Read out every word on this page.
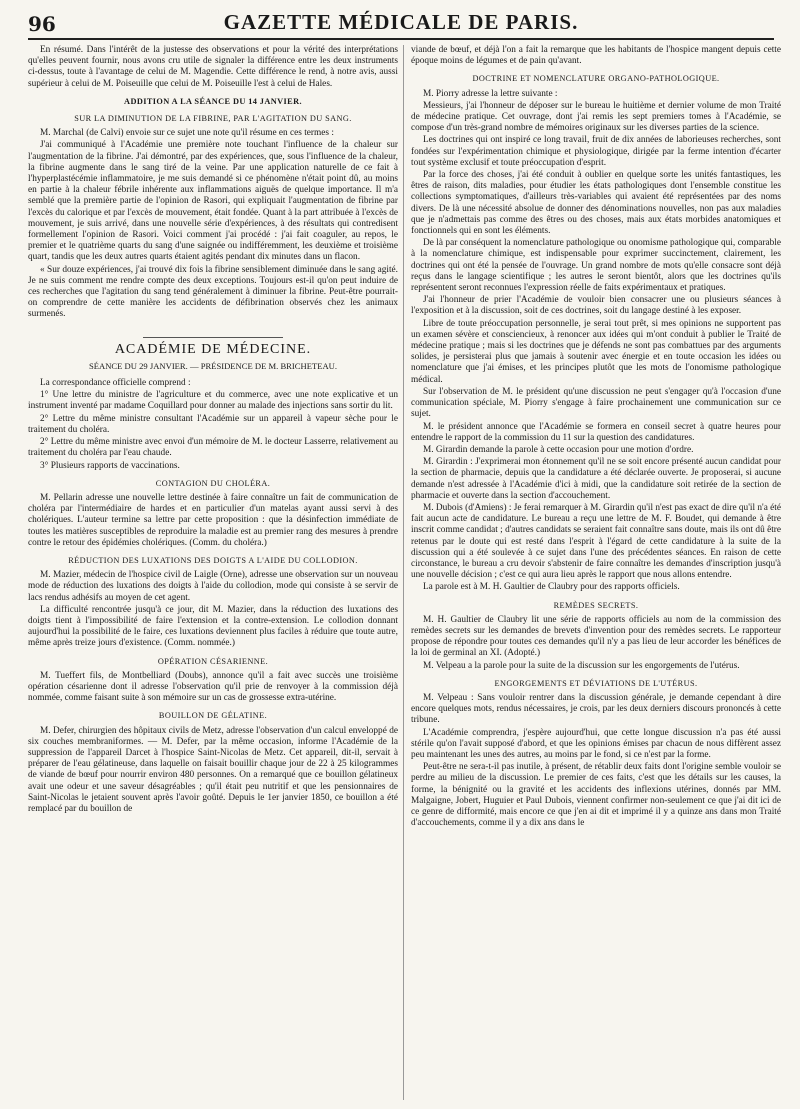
96	GAZETTE MÉDICALE DE PARIS.

En résumé. Dans l'intérêt de la justesse des observations et pour la vérité des interprétations qu'elles peuvent fournir, nous avons cru utile de signaler la différence entre les deux instruments ci-dessus, toute à l'avantage de celui de M. Magendie. Cette différence le rend, à notre avis, aussi supérieur à celui de M. Poiseuille que celui de M. Poiseuille l'est à celui de Hales.

ADDITION A LA SÉANCE DU 14 JANVIER.
SUR LA DIMINUTION DE LA FIBRINE, PAR L'AGITATION DU SANG.

M. Marchal (de Calvi) envoie sur ce sujet une note qu'il résume en ces termes :

J'ai communiqué à l'Académie une première note touchant l'influence de la chaleur sur l'augmentation de la fibrine. J'ai démontré, par des expériences, que, sous l'influence de la chaleur, la fibrine augmente dans le sang tiré de la veine. Par une application naturelle de ce fait à l'hyperplastécémie inflammatoire, je me suis demandé si ce phénomène n'était point dû, au moins en partie à la chaleur fébrile inhérente aux inflammations aiguës de quelque importance. Il m'a semblé que la première partie de l'opinion de Rasori, qui expliquait l'augmentation de fibrine par l'excès du calorique et par l'excès de mouvement, était fondée. Quant à la part attribuée à l'excès de mouvement, je suis arrivé, dans une nouvelle série d'expériences, à des résultats qui contredisent formellement l'opinion de Rasori. Voici comment j'ai procédé : j'ai fait coaguler, au repos, le premier et le quatrième quarts du sang d'une saignée ou indifféremment, les deuxième et troisième quart, tandis que les deux autres quarts étaient agités pendant dix minutes dans un flacon.

« Sur douze expériences, j'ai trouvé dix fois la fibrine sensiblement diminuée dans le sang agité. Je ne suis comment me rendre compte des deux exceptions. Toujours est-il qu'on peut induire de ces recherches que l'agitation du sang tend généralement à diminuer la fibrine. Peut-être pourrait-on comprendre de cette manière les accidents de défibrination observés chez les animaux surmenés.

ACADÉMIE DE MÉDECINE.
SÉANCE DU 29 JANVIER. — PRÉSIDENCE DE M. BRICHETEAU.

La correspondance officielle comprend :

1° Une lettre du ministre de l'agriculture et du commerce, avec une note explicative et un instrument inventé par madame Coquillard pour donner au malade des injections sans sortir du lit.

2° Lettre du même ministre consultant l'Académie sur un appareil à vapeur sèche pour le traitement du choléra.

2° Lettre du même ministre avec envoi d'un mémoire de M. le docteur Lasserre, relativement au traitement du choléra par l'eau chaude.

3° Plusieurs rapports de vaccinations.

CONTAGION DU CHOLÉRA.

M. Pellarin adresse une nouvelle lettre destinée à faire connaître un fait de communication de choléra par l'intermédiaire de hardes et en particulier d'un matelas ayant aussi servi à des cholériques. L'auteur termine sa lettre par cette proposition : que la désinfection immédiate de toutes les matières susceptibles de reproduire la maladie est au premier rang des mesures à prendre contre le retour des épidémies cholériques. (Comm. du choléra.)

RÉDUCTION DES LUXATIONS DES DOIGTS A L'AIDE DU COLLODION.

M. Mazier, médecin de l'hospice civil de Laigle (Orne), adresse une observation sur un nouveau mode de réduction des luxations des doigts à l'aide du collodion, mode qui consiste à se servir de lacs rendus adhésifs au moyen de cet agent.

La difficulté rencontrée jusqu'à ce jour, dit M. Mazier, dans la réduction des luxations des doigts tient à l'impossibilité de faire l'extension et la contre-extension. Le collodion donnant aujourd'hui la possibilité de le faire, ces luxations deviennent plus faciles à réduire que toute autre, même après treize jours d'existence. (Comm. nommée.)

OPÉRATION CÉSARIENNE.

M. Tueffert fils, de Montbelliard (Doubs), annonce qu'il a fait avec succès une troisième opération césarienne dont il adresse l'observation qu'il prie de renvoyer à la commission déjà nommée, comme faisant suite à son mémoire sur un cas de grossesse extra-utérine.

BOUILLON DE GÉLATINE.

M. Defer, chirurgien des hôpitaux civils de Metz, adresse l'observation d'un calcul enveloppé de six couches membraniformes. — M. Defer, par la même occasion, informe l'Académie de la suppression de l'appareil Darcet à l'hospice Saint-Nicolas de Metz. Cet appareil, dit-il, servait à préparer de l'eau gélatineuse, dans laquelle on faisait bouillir chaque jour de 22 à 25 kilogrammes de viande de bœuf pour nourrir environ 480 personnes. On a remarqué que ce bouillon gélatineux avait une odeur et une saveur désagréables ; qu'il était peu nutritif et que les pensionnaires de Saint-Nicolas le jetaient souvent après l'avoir goûté. Depuis le 1er janvier 1850, ce bouillon a été remplacé par du bouillon de

viande de bœuf, et déjà l'on a fait la remarque que les habitants de l'hospice mangent depuis cette époque moins de légumes et de pain qu'avant.

DOCTRINE ET NOMENCLATURE ORGANO-PATHOLOGIQUE.

M. Piorry adresse la lettre suivante :

Messieurs, j'ai l'honneur de déposer sur le bureau le huitième et dernier volume de mon Traité de médecine pratique. Cet ouvrage, dont j'ai remis les sept premiers tomes à l'Académie, se compose d'un très-grand nombre de mémoires originaux sur les diverses parties de la science.

Les doctrines qui ont inspiré ce long travail, fruit de dix années de laborieuses recherches, sont fondées sur l'expérimentation chimique et physiologique, dirigée par la ferme intention d'écarter tout système exclusif et toute préoccupation d'esprit.

Par la force des choses, j'ai été conduit à oublier en quelque sorte les unités fantastiques, les êtres de raison, dits maladies, pour étudier les états pathologiques dont l'ensemble constitue les collections symptomatiques, d'ailleurs très-variables qui avaient été représentées par des noms divers. De là une nécessité absolue de donner des dénominations nouvelles, non pas aux maladies que je n'admettais pas comme des êtres ou des choses, mais aux états morbides anatomiques et fonctionnels qui en sont les éléments.

De là par conséquent la nomenclature pathologique ou onomisme pathologique qui, comparable à la nomenclature chimique, est indispensable pour exprimer succinctement, clairement, les doctrines qui ont été la pensée de l'ouvrage. Un grand nombre de mots qu'elle consacre sont déjà reçus dans le langage scientifique ; les autres le seront bientôt, alors que les doctrines qu'ils représentent seront reconnues l'expression réelle de faits expérimentaux et pratiques.

J'ai l'honneur de prier l'Académie de vouloir bien consacrer une ou plusieurs séances à l'exposition et à la discussion, soit de ces doctrines, soit du langage destiné à les exposer.

Libre de toute préoccupation personnelle, je serai tout prêt, si mes opinions ne supportent pas un examen sévère et consciencieux, à renoncer aux idées qui m'ont conduit à publier le Traité de médecine pratique ; mais si les doctrines que je défends ne sont pas combattues par des arguments solides, je persisterai plus que jamais à soutenir avec énergie et en toute occasion les idées ou nomenclature que j'ai émises, et les principes plutôt que les mots de l'onomisme pathologique médical.

Sur l'observation de M. le président qu'une discussion ne peut s'engager qu'à l'occasion d'une communication spéciale, M. Piorry s'engage à faire prochainement une communication sur ce sujet.

M. le président annonce que l'Académie se formera en conseil secret à quatre heures pour entendre le rapport de la commission du 11 sur la question des candidatures.

M. Girardin demande la parole à cette occasion pour une motion d'ordre.

M. Girardin : J'exprimerai mon étonnement qu'il ne se soit encore présenté aucun candidat pour la section de pharmacie, depuis que la candidature a été déclarée ouverte. Je proposerai, si aucune demande n'est adressée à l'Académie d'ici à midi, que la candidature soit retirée de la section de pharmacie et ouverte dans la section d'accouchement.

M. Dubois (d'Amiens) : Je ferai remarquer à M. Girardin qu'il n'est pas exact de dire qu'il n'a été fait aucun acte de candidature. Le bureau a reçu une lettre de M. F. Boudet, qui demande à être inscrit comme candidat ; d'autres candidats se seraient fait connaître sans doute, mais ils ont dû être retenus par le doute qui est resté dans l'esprit à l'égard de cette candidature à la suite de la discussion qui a été soulevée à ce sujet dans l'une des précédentes séances. En raison de cette circonstance, le bureau a cru devoir s'abstenir de faire connaître les demandes d'inscription jusqu'à une nouvelle décision ; c'est ce qui aura lieu après le rapport que nous allons entendre.

La parole est à M. H. Gaultier de Claubry pour des rapports officiels.

REMÈDES SECRETS.

M. H. Gaultier de Claubry lit une série de rapports officiels au nom de la commission des remèdes secrets sur les demandes de brevets d'invention pour des remèdes secrets. Le rapporteur propose de répondre pour toutes ces demandes qu'il n'y a pas lieu de leur accorder les bénéfices de la loi de germinal an XI. (Adopté.)

M. Velpeau a la parole pour la suite de la discussion sur les engorgements de l'utérus.

ENGORGEMENTS ET DÉVIATIONS DE L'UTÉRUS.

M. Velpeau : Sans vouloir rentrer dans la discussion générale, je demande cependant à dire encore quelques mots, rendus nécessaires, je crois, par les deux derniers discours prononcés à cette tribune.

L'Académie comprendra, j'espère aujourd'hui, que cette longue discussion n'a pas été aussi stérile qu'on l'avait supposé d'abord, et que les opinions émises par chacun de nous diffèrent assez peu maintenant les unes des autres, au moins par le fond, si ce n'est par la forme.

Peut-être ne sera-t-il pas inutile, à présent, de rétablir deux faits dont l'origine semble vouloir se perdre au milieu de la discussion. Le premier de ces faits, c'est que les détails sur les causes, la forme, la bénignité ou la gravité et les accidents des inflexions utérines, donnés par MM. Malgaigne, Jobert, Huguier et Paul Dubois, viennent confirmer non-seulement ce que j'ai dit ici de ce genre de difformité, mais encore ce que j'en ai dit et imprimé il y a quinze ans dans mon Traité d'accouchements, comme il y a dix ans dans le
